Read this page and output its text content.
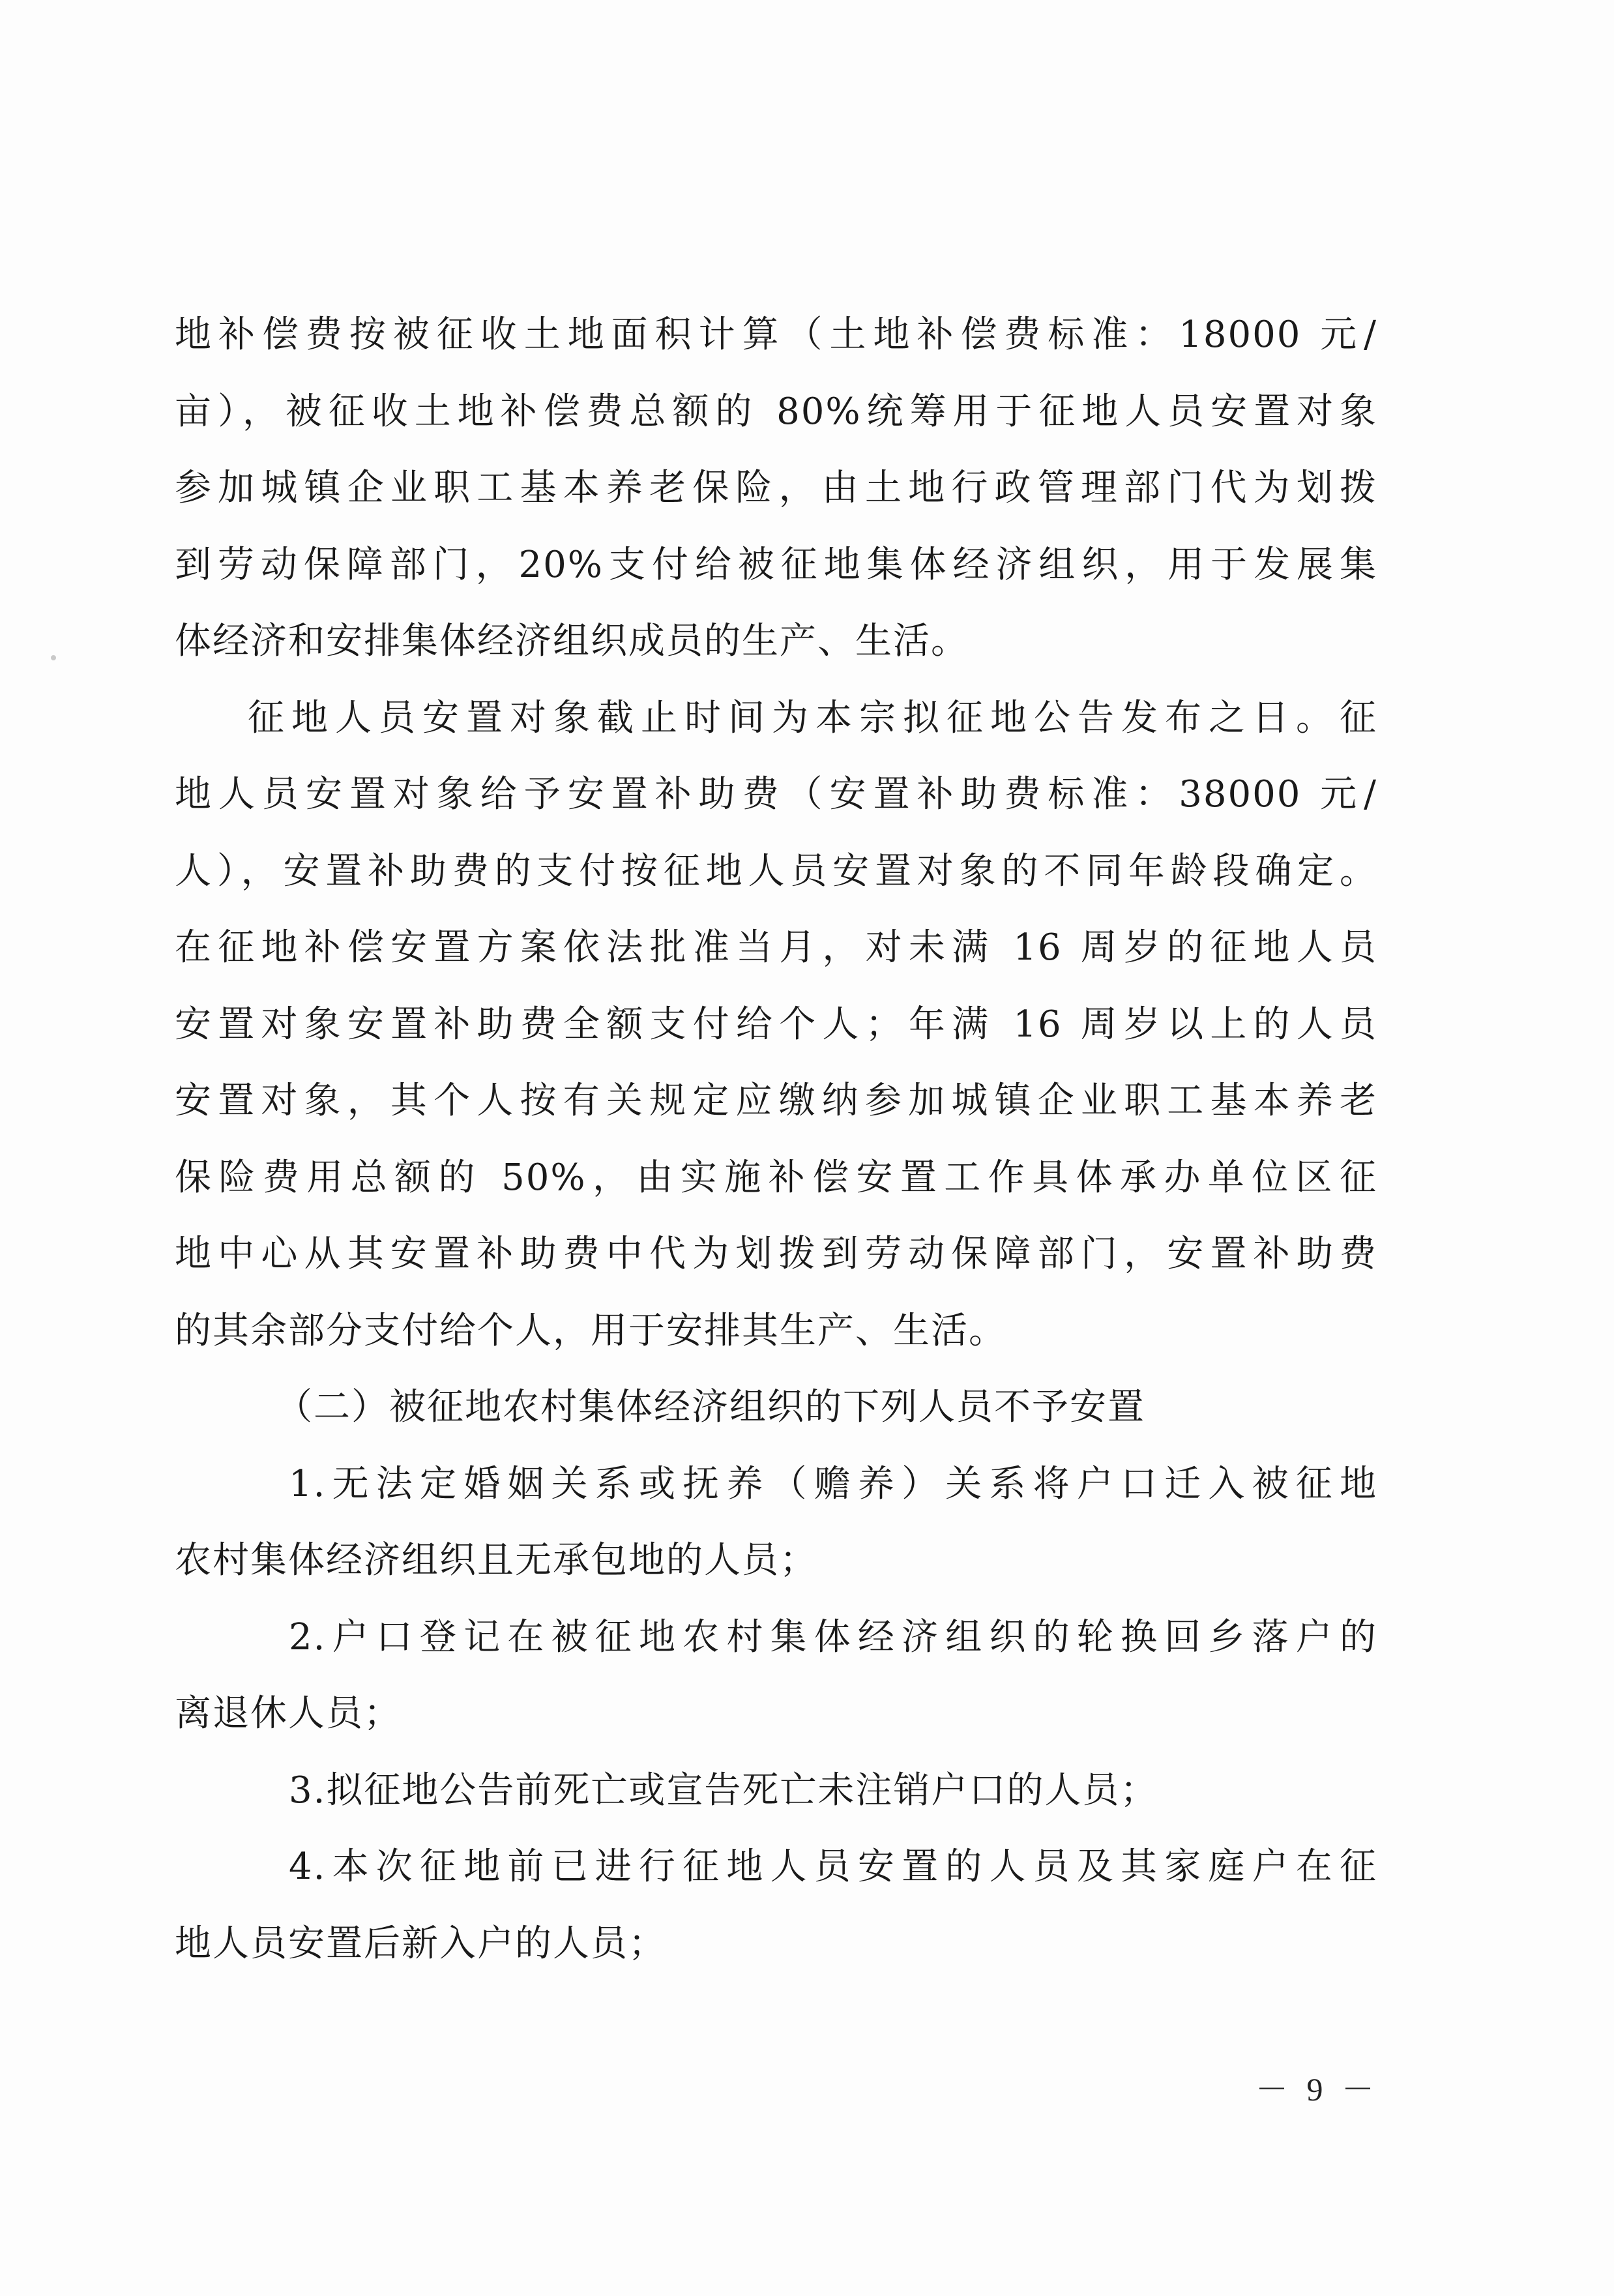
地补偿费按被征收土地面积计算（土地补偿费标准：18000 元/
亩），被征收土地补偿费总额的 80%统筹用于征地人员安置对象
参加城镇企业职工基本养老保险，由土地行政管理部门代为划拨
到劳动保障部门，20%支付给被征地集体经济组织，用于发展集
体经济和安排集体经济组织成员的生产、生活。
征地人员安置对象截止时间为本宗拟征地公告发布之日。征
地人员安置对象给予安置补助费（安置补助费标准：38000 元/
人），安置补助费的支付按征地人员安置对象的不同年龄段确定。
在征地补偿安置方案依法批准当月，对未满 16 周岁的征地人员
安置对象安置补助费全额支付给个人；年满 16 周岁以上的人员
安置对象，其个人按有关规定应缴纳参加城镇企业职工基本养老
保险费用总额的 50%，由实施补偿安置工作具体承办单位区征
地中心从其安置补助费中代为划拨到劳动保障部门，安置补助费
的其余部分支付给个人，用于安排其生产、生活。
（二）被征地农村集体经济组织的下列人员不予安置
1.无法定婚姻关系或抚养（赡养）关系将户口迁入被征地
农村集体经济组织且无承包地的人员；
2.户口登记在被征地农村集体经济组织的轮换回乡落户的
离退休人员；
3.拟征地公告前死亡或宣告死亡未注销户口的人员；
4.本次征地前已进行征地人员安置的人员及其家庭户在征
地人员安置后新入户的人员；
－ 9 －
